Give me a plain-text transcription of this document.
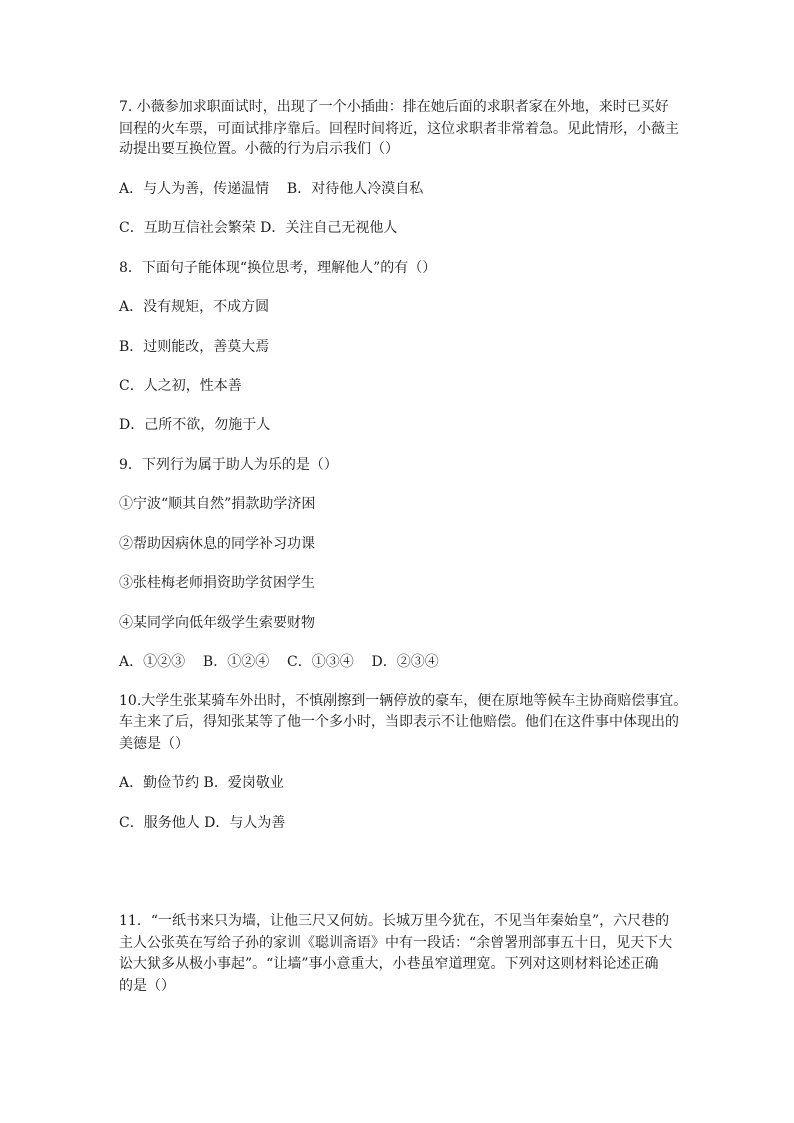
7. 小薇参加求职面试时，出现了一个小插曲：排在她后面的求职者家在外地，来时已买好

回程的火车票，可面试排序靠后。回程时间将近，这位求职者非常着急。见此情形，小薇主

动提出要互换位置。小薇的行为启示我们（）

A．与人为善，传递温情    B．对待他人冷漠自私

C．互助互信社会繁荣 D．关注自己无视他人

8．下面句子能体现“换位思考，理解他人”的有（）

A．没有规矩，不成方圆

B．过则能改，善莫大焉

C．人之初，性本善

D．己所不欲，勿施于人

9．下列行为属于助人为乐的是（）

①宁波“顺其自然”捐款助学济困

②帮助因病休息的同学补习功课

③张桂梅老师捐资助学贫困学生

④某同学向低年级学生索要财物

A．①②③    B．①②④    C．①③④    D．②③④

10.大学生张某骑车外出时，不慎剐擦到一辆停放的豪车，便在原地等候车主协商赔偿事宜。

车主来了后，得知张某等了他一个多小时，当即表示不让他赔偿。他们在这件事中体现出的

美德是（）

A．勤俭节约 B．爱岗敬业

C．服务他人 D．与人为善

11．“一纸书来只为墙，让他三尺又何妨。长城万里今犹在，不见当年秦始皇”，六尺巷的

主人公张英在写给子孙的家训《聪训斋语》中有一段话：“余曾署刑部事五十日，见天下大

讼大狱多从极小事起”。“让墙”事小意重大，小巷虽窄道理宽。下列对这则材料论述正确

的是（）
